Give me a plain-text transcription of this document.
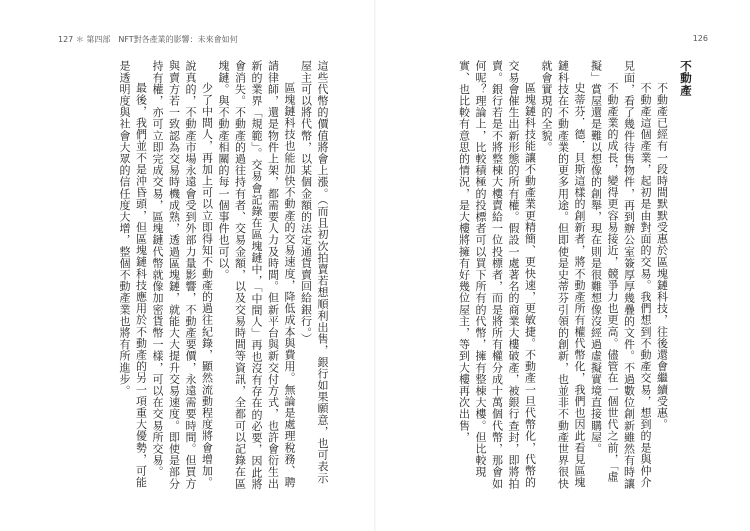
127 ＊ 第四部　NFT對各產業的影響：未來會如何	126

不動產

不動產已經有一段時間默默受惠於區塊鏈科技，往後還會繼續受惠。

不動產這個產業，起初是由對面的交易。我們想到不動產交易，想到的是與仲介見面，看了幾件待售物件，再到辦公室簽厚厚幾疊的文件。不過數位創新雖然有時讓

不動產業的成長，變得更容易接近，競爭力也更高。儘管在一個世代之前，「虛擬」賞屋還是難以想像的創舉，現在則是很難想像沒經過虛擬實境直接購屋。

史蒂芬．德．貝斯這樣的創新者，將不動產所有權代幣化，我們也因此看見區塊鏈科技在不動產業的更多用途。但即使是史蒂芬引領的創新，也並非不動產世界很快就會實現的全貌。

區塊鏈科技能讓不動產業更精簡、更快速，更敏捷。不動產一旦代幣化，代幣的交易會催生出新形態的所有權。假設一處著名的商業大樓破產，被銀行查封，即將拍賣。銀行若是不將整棟大樓賣給一位投標者，而是將所有權分成十萬個代幣，那會如何呢？理論上，比較積極的投標者可以買下所有的代幣，擁有整棟大樓。但比較現實、也比較有意思的情況，是大樓將擁有好幾位屋主，等到大樓再次出售，

這些代幣的價值將會上漲。（而且初次拍賣若想順利出售，銀行如果願意，也可表示屋主可以將代幣，以某個金額的法定通貨賣回給銀行。）

區塊鏈科技也能加快不動產的交易速度，降低成本與費用。無論是處理稅務、聘請律師，還是物件上架，都需要人力及時間。但新平台與新交付方式，也許會衍生出新的業界「規範」。交易會記錄在區塊鏈中，「中間人」再也沒有存在的必要，因此將會消失。不動產的過往持有者、交易金額，以及交易時間等資訊，全都可以記錄在區塊鏈。與不動產相關的每一個事件也可以。

少了中間人，再加上可以立即得知不動產的過往紀錄，顯然流動程度將會增加。說真的，不動產市場永遠會受到外部力量影響，不動產要價，永遠需要時間。但買方與賣方若一致認為交易時機成熟，透過區塊鏈，就能大大提升交易速度。即使是部分持有權，亦可立即完成交易，區塊鏈代幣就像加密貨幣一樣，可以在交易所交易。

最後，我們並不是沖昏頭，但區塊鏈科技應用於不動產的另一項重大優勢，可能是透明度與社會大眾的信任度大增，整個不動產業也將有所進步。
